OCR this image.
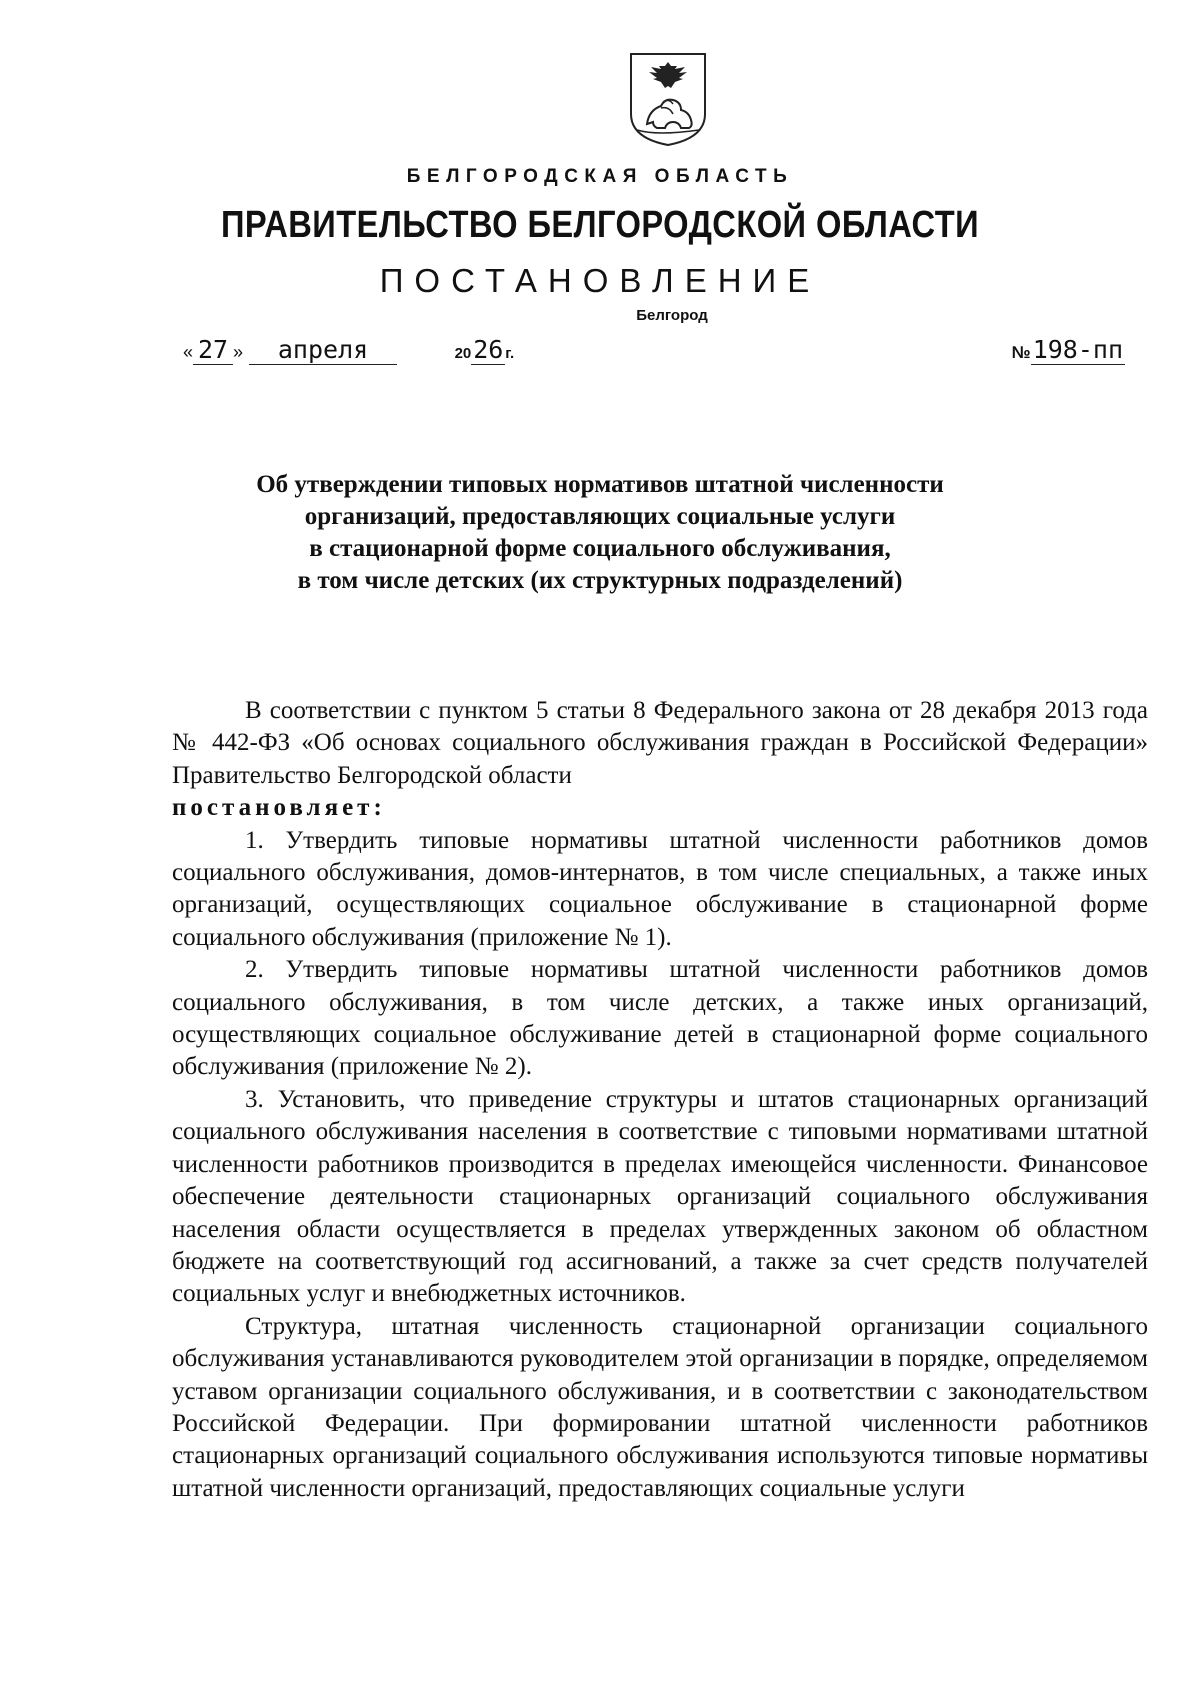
БЕЛГОРОДСКАЯ ОБЛАСТЬ
ПРАВИТЕЛЬСТВО БЕЛГОРОДСКОЙ ОБЛАСТИ
ПОСТАНОВЛЕНИЕ
Белгород
« 27 » апреля	2026 г.	№198-пп
Об утверждении типовых нормативов штатной численности
организаций, предоставляющих социальные услуги
в стационарной форме социального обслуживания,
в том числе детских (их структурных подразделений)

В соответствии с пунктом 5 статьи 8 Федерального закона от 28 декабря 2013 года № 442-ФЗ «Об основах социального обслуживания граждан в Российской Федерации» Правительство Белгородской области

постановляет:

1. Утвердить типовые нормативы штатной численности работников домов социального обслуживания, домов-интернатов, в том числе специальных, а также иных организаций, осуществляющих социальное обслуживание в стационарной форме социального обслуживания (приложение № 1).

2. Утвердить типовые нормативы штатной численности работников домов социального обслуживания, в том числе детских, а также иных организаций, осуществляющих социальное обслуживание детей в стационарной форме социального обслуживания (приложение № 2).

3. Установить, что приведение структуры и штатов стационарных организаций социального обслуживания населения в соответствие с типовыми нормативами штатной численности работников производится в пределах имеющейся численности. Финансовое обеспечение деятельности стационарных организаций социального обслуживания населения области осуществляется в пределах утвержденных законом об областном бюджете на соответствующий год ассигнований, а также за счет средств получателей социальных услуг и внебюджетных источников.

Структура, штатная численность стационарной организации социального обслуживания устанавливаются руководителем этой организации в порядке, определяемом уставом организации социального обслуживания, и в соответствии с законодательством Российской Федерации. При формировании штатной численности работников стационарных организаций социального обслуживания используются типовые нормативы штатной численности организаций, предоставляющих социальные услуги
